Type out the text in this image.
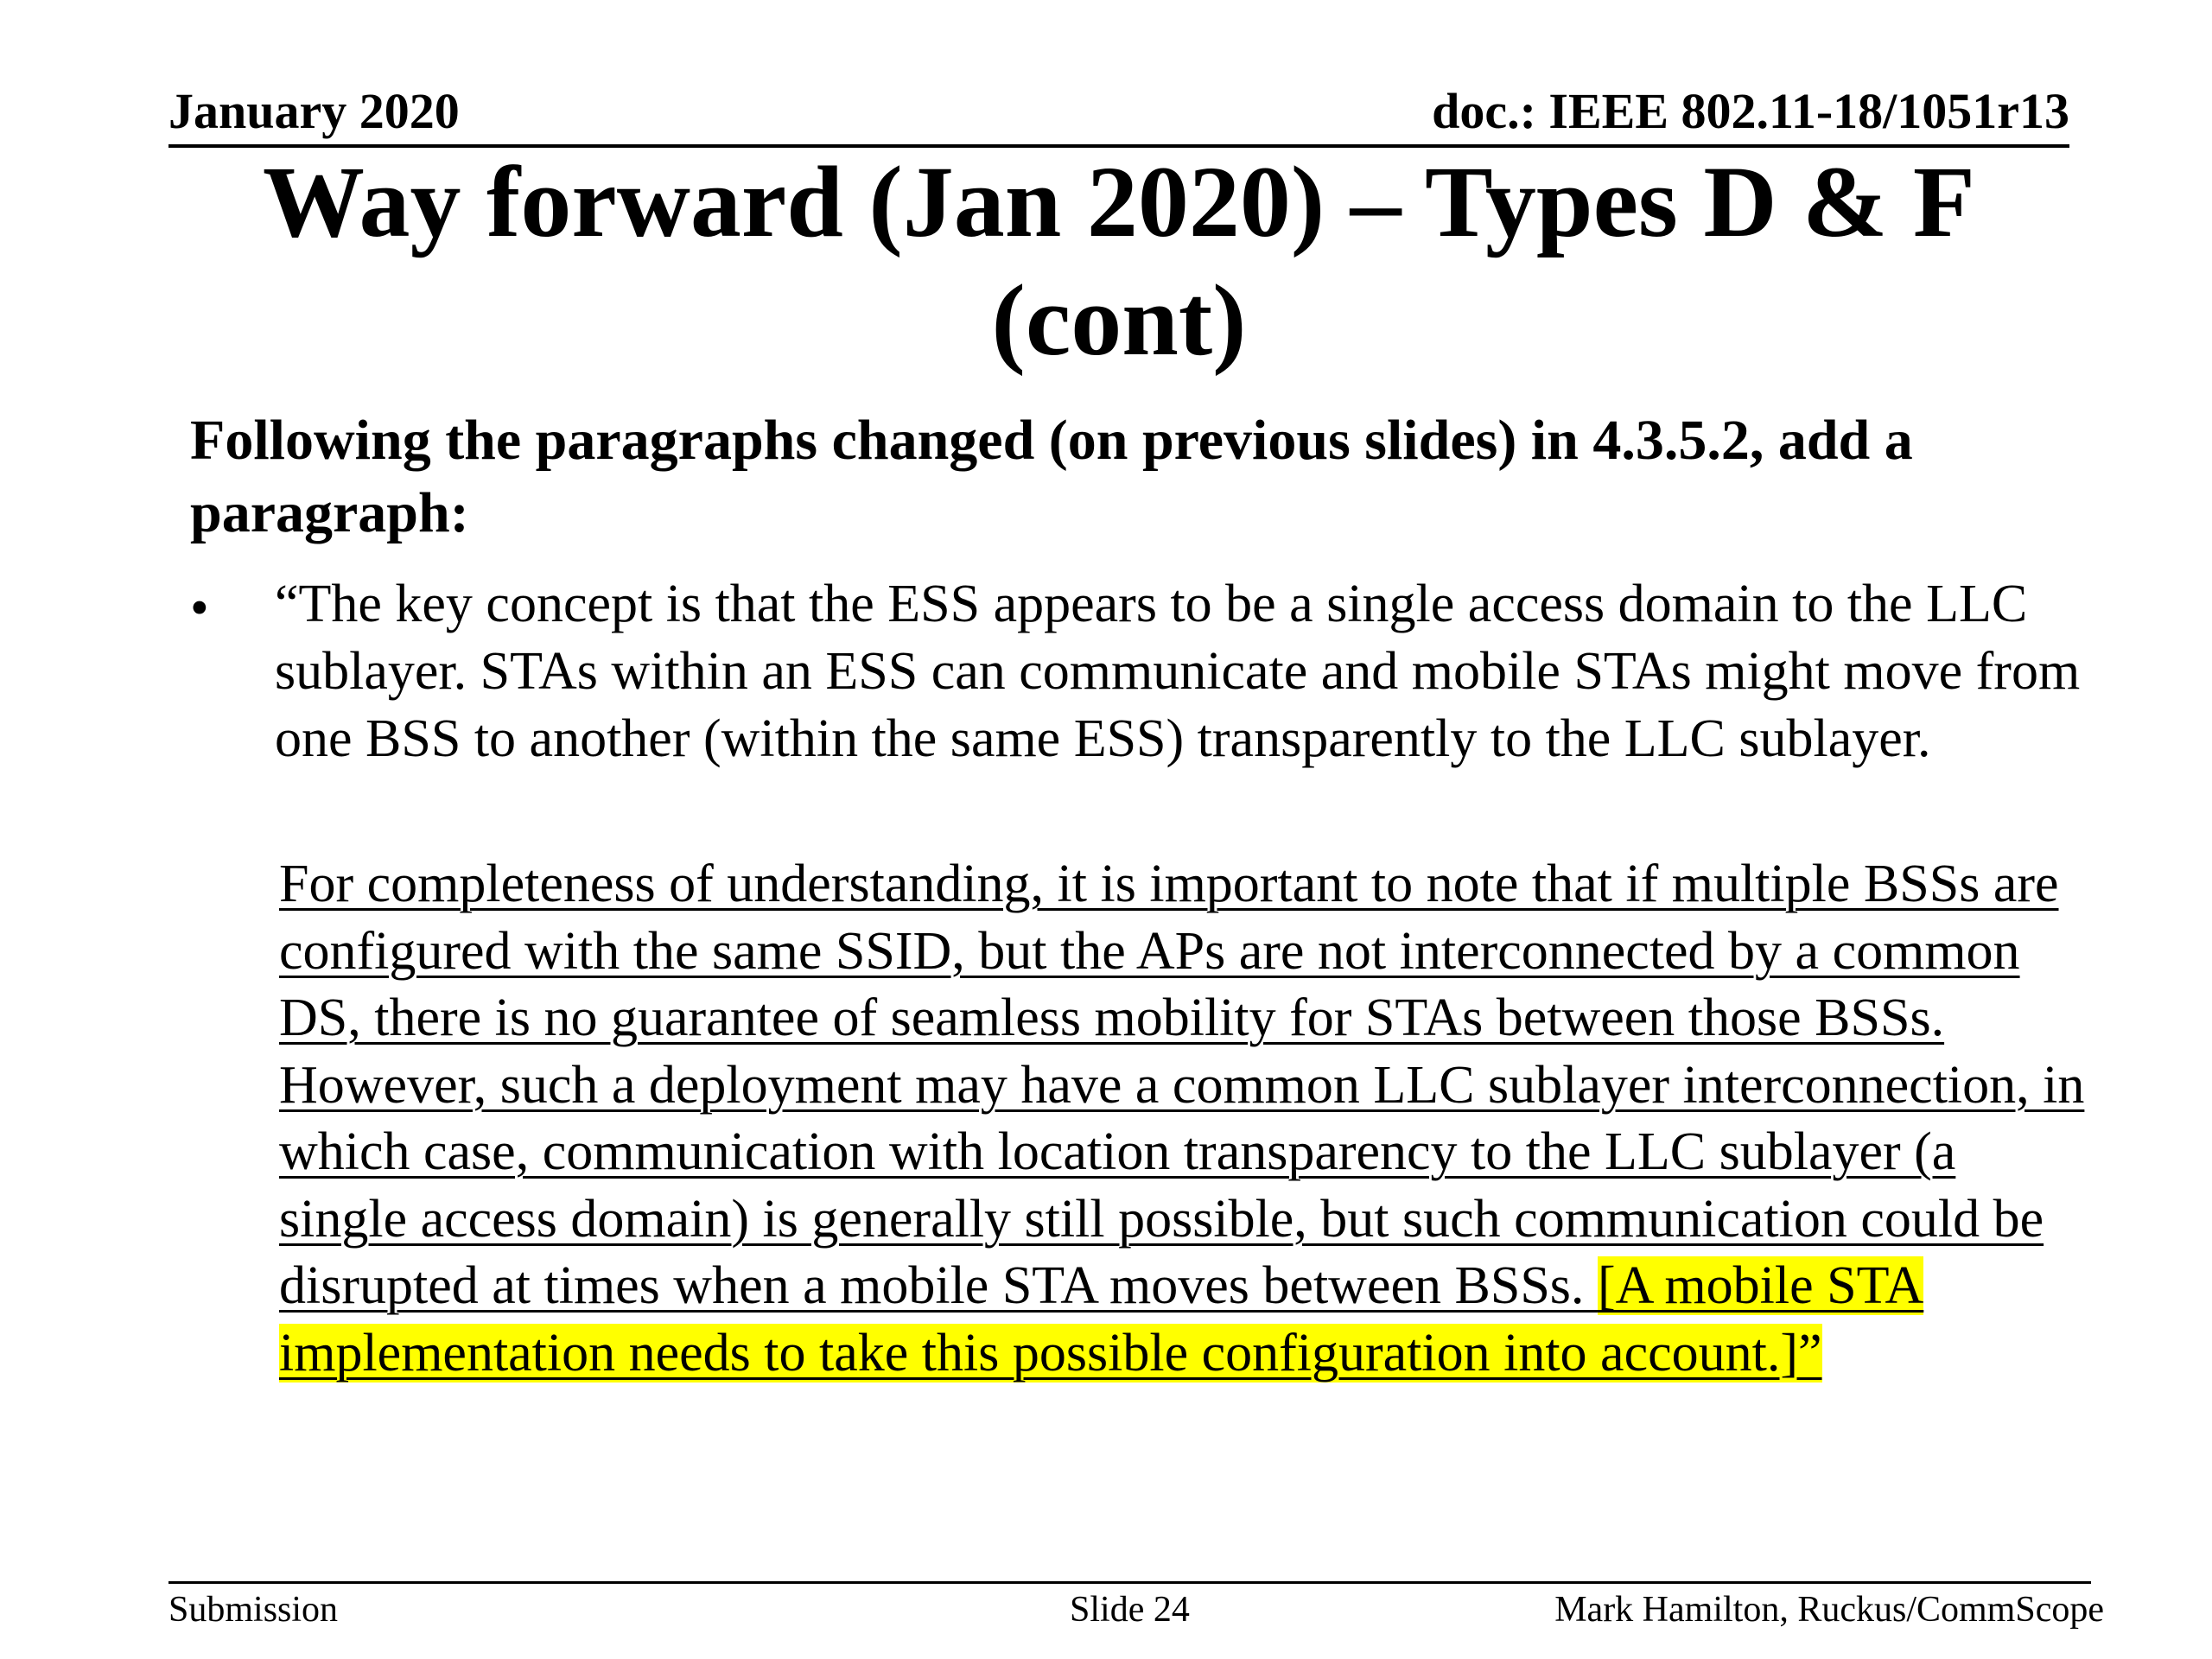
January 2020	doc.: IEEE 802.11-18/1051r13
Way forward (Jan 2020) – Types D & F (cont)
Following the paragraphs changed (on previous slides) in 4.3.5.2, add a paragraph:
• “The key concept is that the ESS appears to be a single access domain to the LLC sublayer. STAs within an ESS can communicate and mobile STAs might move from one BSS to another (within the same ESS) transparently to the LLC sublayer.
For completeness of understanding, it is important to note that if multiple BSSs are configured with the same SSID, but the APs are not interconnected by a common DS, there is no guarantee of seamless mobility for STAs between those BSSs. However, such a deployment may have a common LLC sublayer interconnection, in which case, communication with location transparency to the LLC sublayer (a single access domain) is generally still possible, but such communication could be disrupted at times when a mobile STA moves between BSSs. [A mobile STA implementation needs to take this possible configuration into account.]”
Submission	Slide 24	Mark Hamilton, Ruckus/CommScope
